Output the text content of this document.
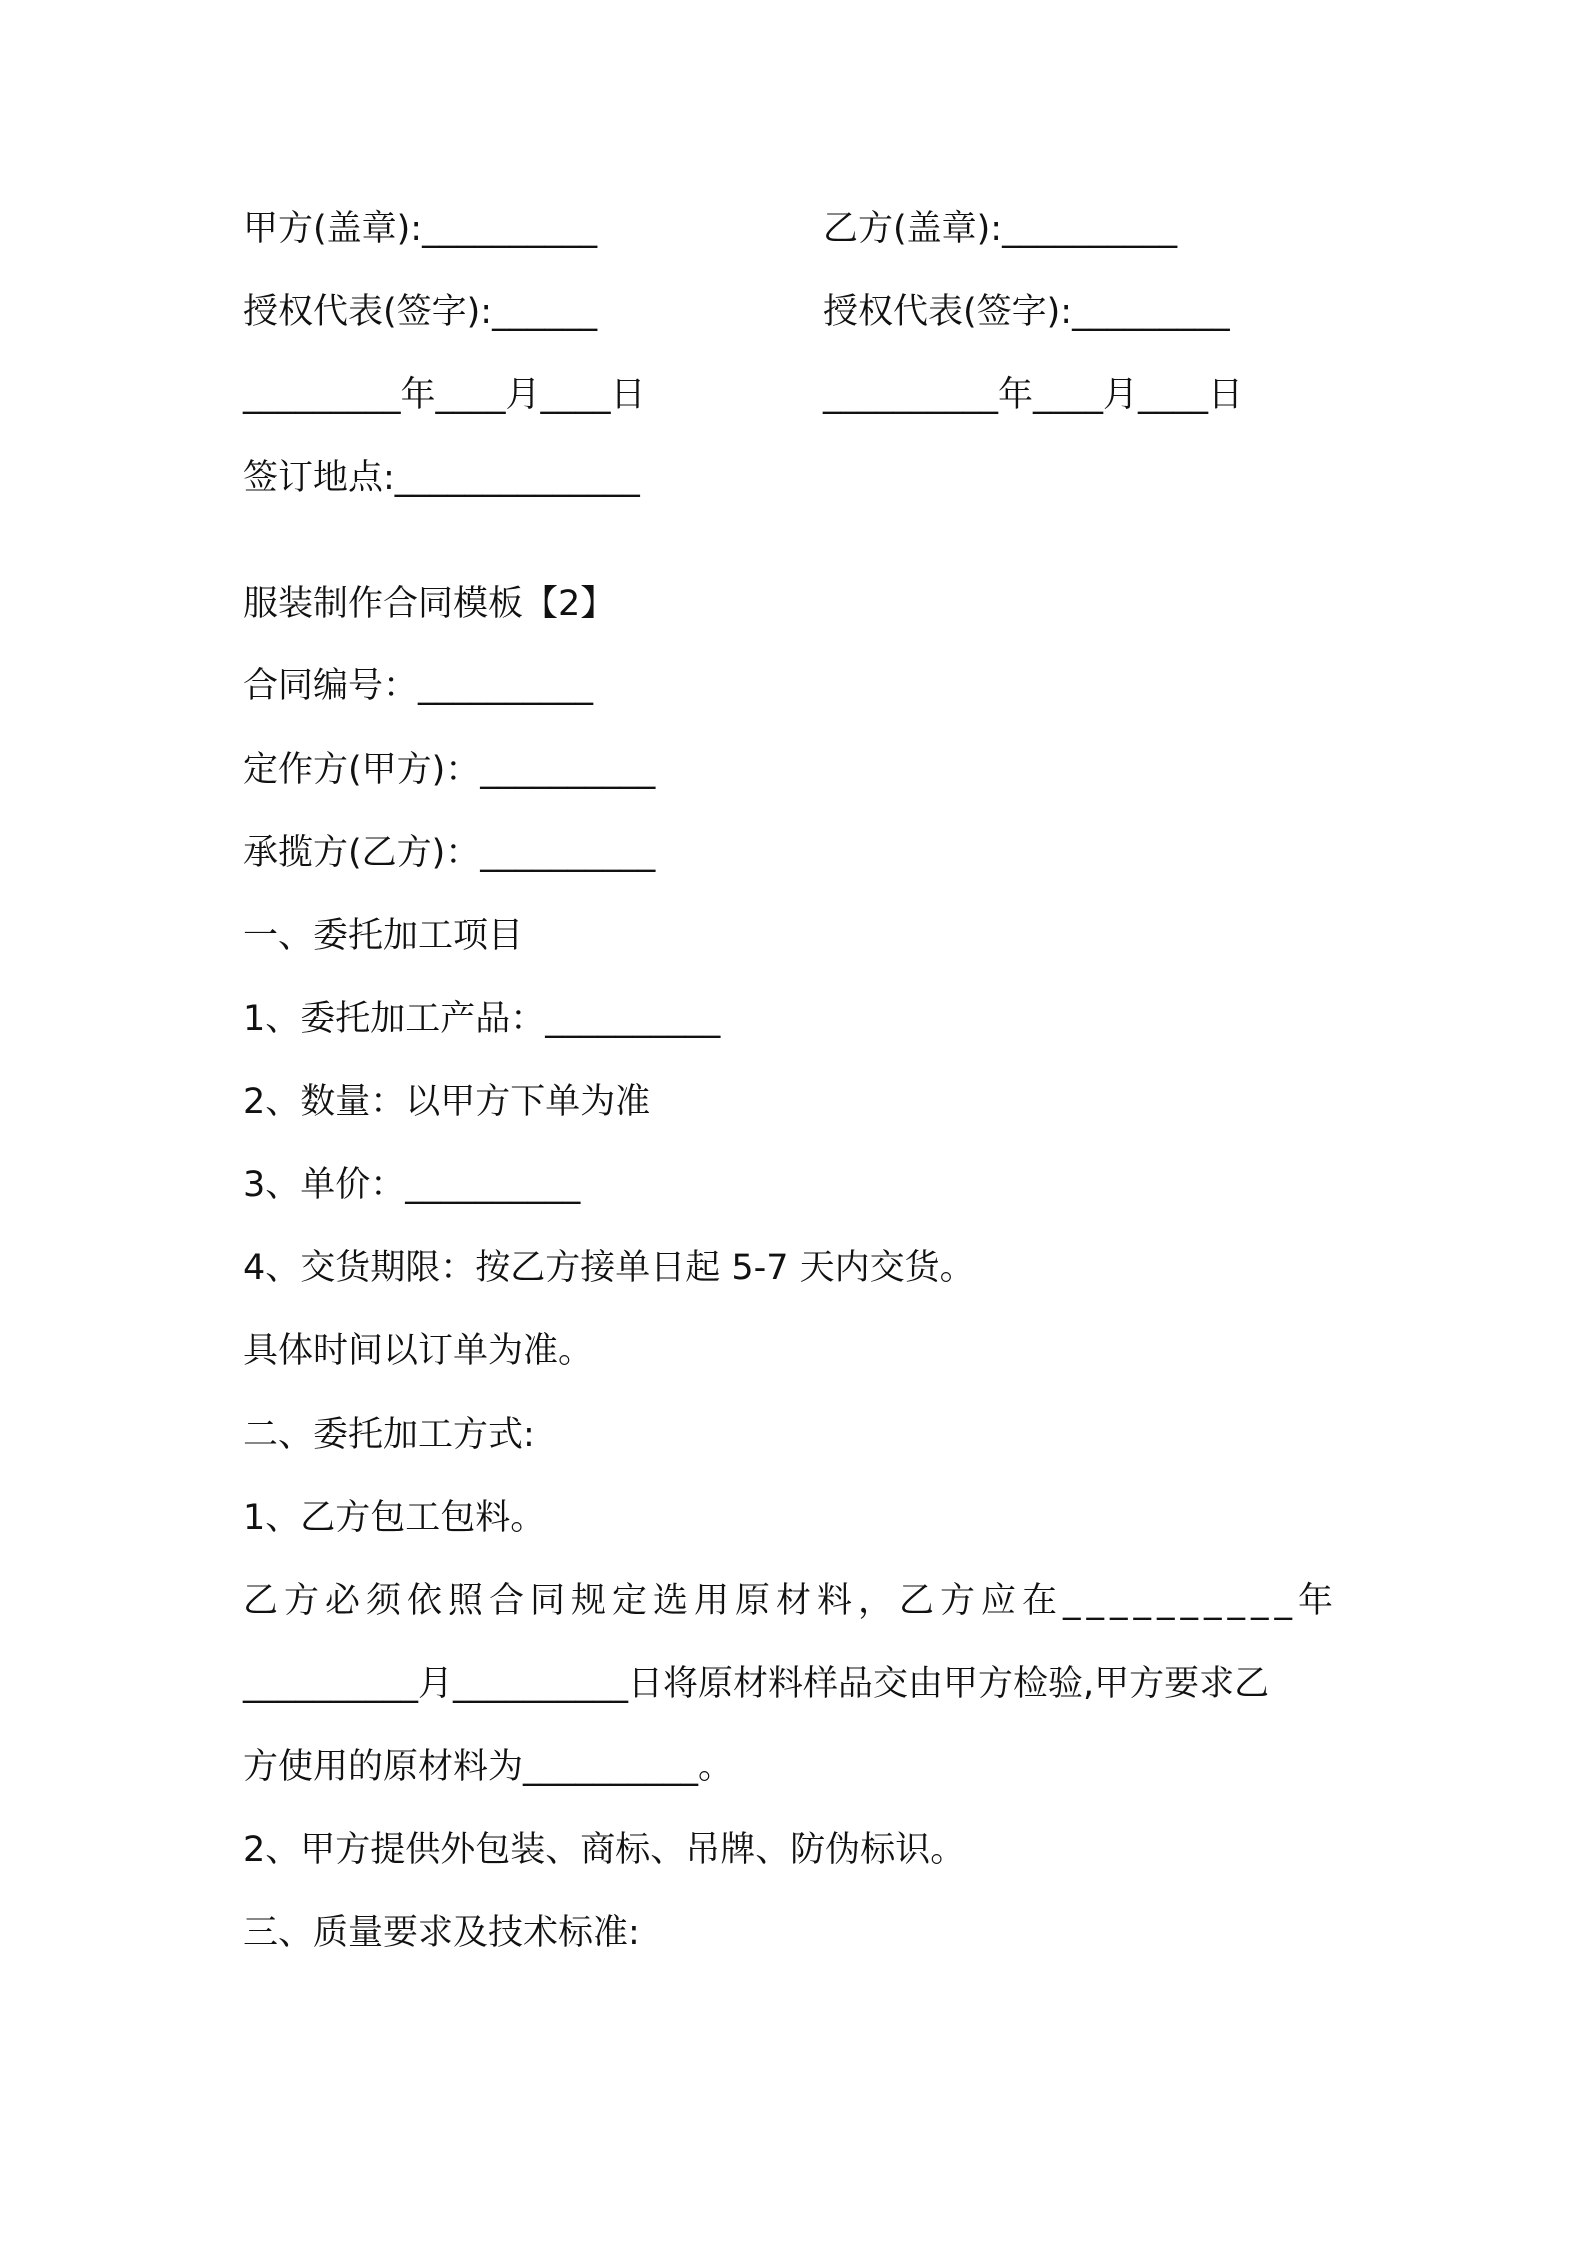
甲方(盖章):__________	乙方(盖章):__________
授权代表(签字):______	授权代表(签字):_________
_________年____月____日	__________年____月____日
签订地点:______________
服装制作合同模板【2】
合同编号：__________
定作方(甲方)：__________
承揽方(乙方)：__________
一、委托加工项目
1、委托加工产品：__________
2、数量：以甲方下单为准
3、单价：__________
4、交货期限：按乙方接单日起 5-7 天内交货。
具体时间以订单为准。
二、委托加工方式:
1、乙方包工包料。
乙方必须依照合同规定选用原材料，乙方应在__________年
__________月__________日将原材料样品交由甲方检验,甲方要求乙
方使用的原材料为__________。
2、甲方提供外包装、商标、吊牌、防伪标识。
三、质量要求及技术标准:
